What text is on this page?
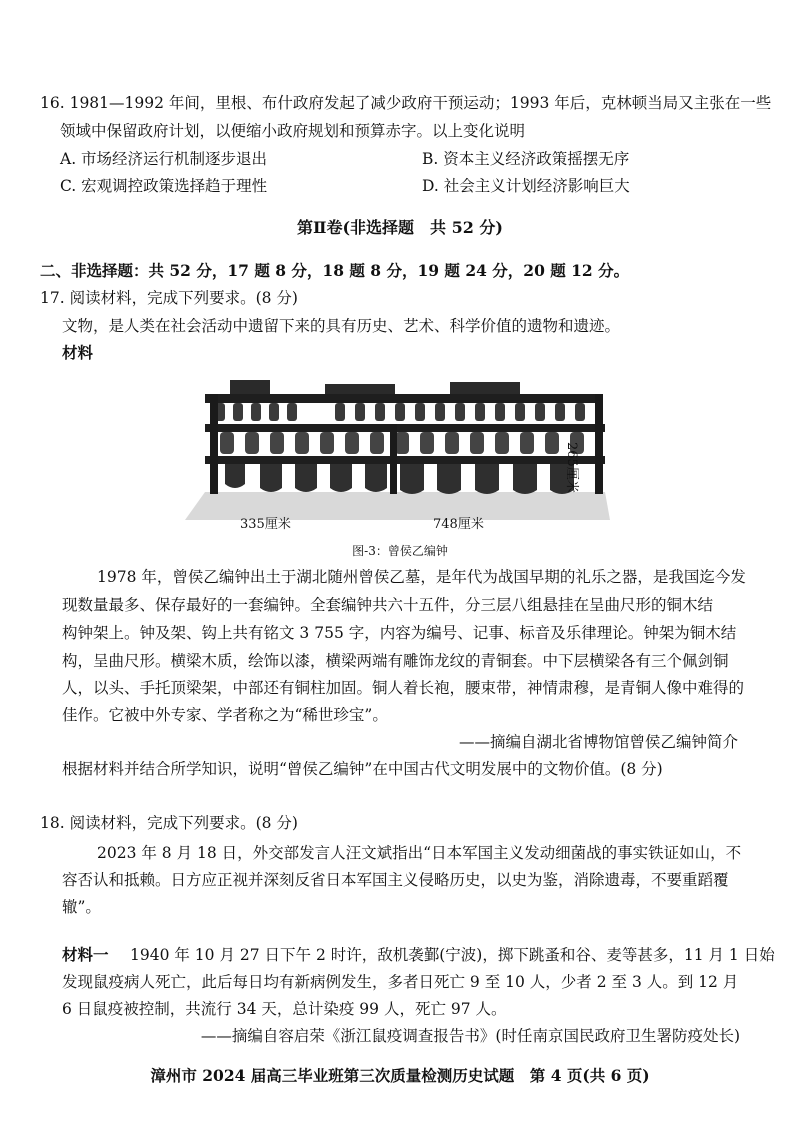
16. 1981—1992 年间，里根、布什政府发起了减少政府干预运动；1993 年后，克林顿当局又主张在一些
领域中保留政府计划，以便缩小政府规划和预算赤字。以上变化说明
A. 市场经济运行机制逐步退出	B. 资本主义经济政策摇摆无序
C. 宏观调控政策选择趋于理性	D. 社会主义计划经济影响巨大
第Ⅱ卷(非选择题　共 52 分)
二、非选择题：共 52 分，17 题 8 分，18 题 8 分，19 题 24 分，20 题 12 分。
17. 阅读材料，完成下列要求。(8 分)
文物，是人类在社会活动中遗留下来的具有历史、艺术、科学价值的遗物和遗迹。
材料
265厘米
335厘米	748厘米
图-3：曾侯乙编钟
1978 年，曾侯乙编钟出土于湖北随州曾侯乙墓，是年代为战国早期的礼乐之器，是我国迄今发
现数量最多、保存最好的一套编钟。全套编钟共六十五件，分三层八组悬挂在呈曲尺形的铜木结
构钟架上。钟及架、钩上共有铭文 3 755 字，内容为编号、记事、标音及乐律理论。钟架为铜木结
构，呈曲尺形。横梁木质，绘饰以漆，横梁两端有雕饰龙纹的青铜套。中下层横梁各有三个佩剑铜
人，以头、手托顶梁架，中部还有铜柱加固。铜人着长袍，腰束带，神情肃穆，是青铜人像中难得的
佳作。它被中外专家、学者称之为“稀世珍宝”。
——摘编自湖北省博物馆曾侯乙编钟简介
根据材料并结合所学知识，说明“曾侯乙编钟”在中国古代文明发展中的文物价值。(8 分)
18. 阅读材料，完成下列要求。(8 分)
2023 年 8 月 18 日，外交部发言人汪文斌指出“日本军国主义发动细菌战的事实铁证如山，不
容否认和抵赖。日方应正视并深刻反省日本军国主义侵略历史，以史为鉴，消除遗毒，不要重蹈覆
辙”。
材料一 1940 年 10 月 27 日下午 2 时许，敌机袭鄞(宁波)，掷下跳蚤和谷、麦等甚多，11 月 1 日始
发现鼠疫病人死亡，此后每日均有新病例发生，多者日死亡 9 至 10 人，少者 2 至 3 人。到 12 月
6 日鼠疫被控制，共流行 34 天，总计染疫 99 人，死亡 97 人。
——摘编自容启荣《浙江鼠疫调查报告书》(时任南京国民政府卫生署防疫处长)
漳州市 2024 届高三毕业班第三次质量检测历史试题　第 4 页(共 6 页)
